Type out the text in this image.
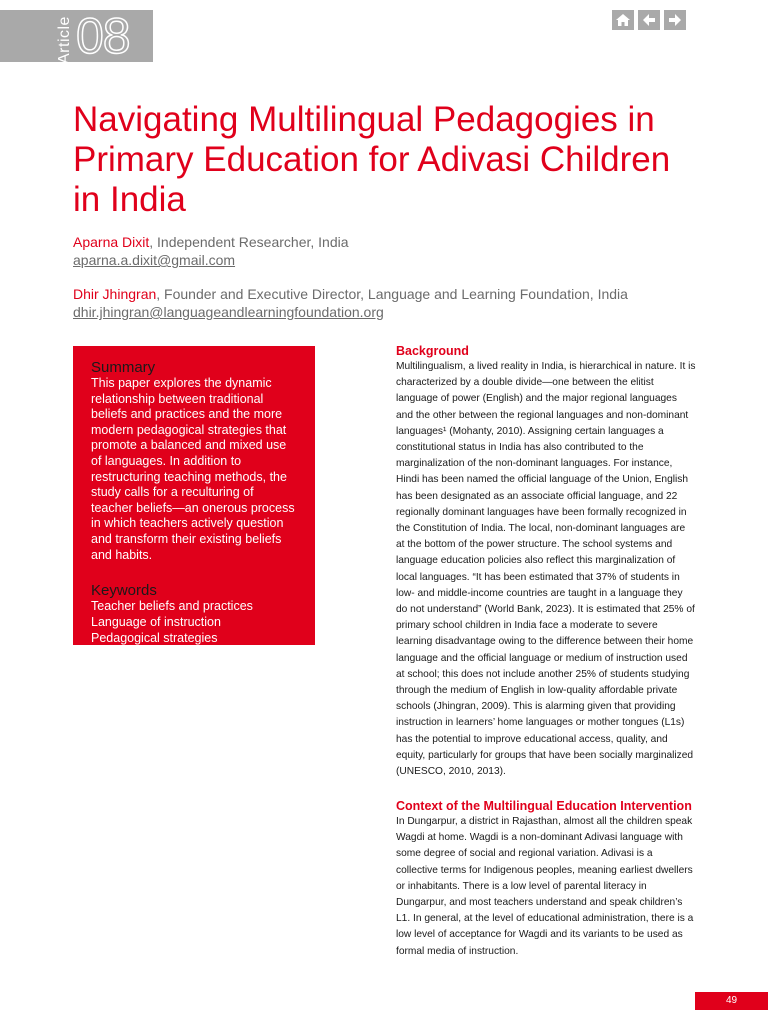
Article 08
Navigating Multilingual Pedagogies in Primary Education for Adivasi Children in India
Aparna Dixit, Independent Researcher, India
aparna.a.dixit@gmail.com
Dhir Jhingran, Founder and Executive Director, Language and Learning Foundation, India
dhir.jhingran@languageandlearningfoundation.org
Summary

This paper explores the dynamic relationship between traditional beliefs and practices and the more modern pedagogical strategies that promote a balanced and mixed use of languages. In addition to restructuring teaching methods, the study calls for a reculturing of teacher beliefs—an onerous process in which teachers actively question and transform their existing beliefs and habits.

Keywords
Teacher beliefs and practices
Language of instruction
Pedagogical strategies
Adivasi education
Background

Multilingualism, a lived reality in India, is hierarchical in nature. It is characterized by a double divide—one between the elitist language of power (English) and the major regional languages and the other between the regional languages and non-dominant languages¹ (Mohanty, 2010). Assigning certain languages a constitutional status in India has also contributed to the marginalization of the non-dominant languages. For instance, Hindi has been named the official language of the Union, English has been designated as an associate official language, and 22 regionally dominant languages have been formally recognized in the Constitution of India. The local, non-dominant languages are at the bottom of the power structure. The school systems and language education policies also reflect this marginalization of local languages. “It has been estimated that 37% of students in low- and middle-income countries are taught in a language they do not understand” (World Bank, 2023). It is estimated that 25% of primary school children in India face a moderate to severe learning disadvantage owing to the difference between their home language and the official language or medium of instruction used at school; this does not include another 25% of students studying through the medium of English in low-quality affordable private schools (Jhingran, 2009). This is alarming given that providing instruction in learners’ home languages or mother tongues (L1s) has the potential to improve educational access, quality, and equity, particularly for groups that have been socially marginalized (UNESCO, 2010, 2013).

Context of the Multilingual Education Intervention

In Dungarpur, a district in Rajasthan, almost all the children speak Wagdi at home. Wagdi is a non-dominant Adivasi language with some degree of social and regional variation. Adivasi is a collective terms for Indigenous peoples, meaning earliest dwellers or inhabitants. There is a low level of parental literacy in Dungarpur, and most teachers understand and speak children’s L1. In general, at the level of educational administration, there is a low level of acceptance for Wagdi and its variants to be used as formal media of instruction.

49
